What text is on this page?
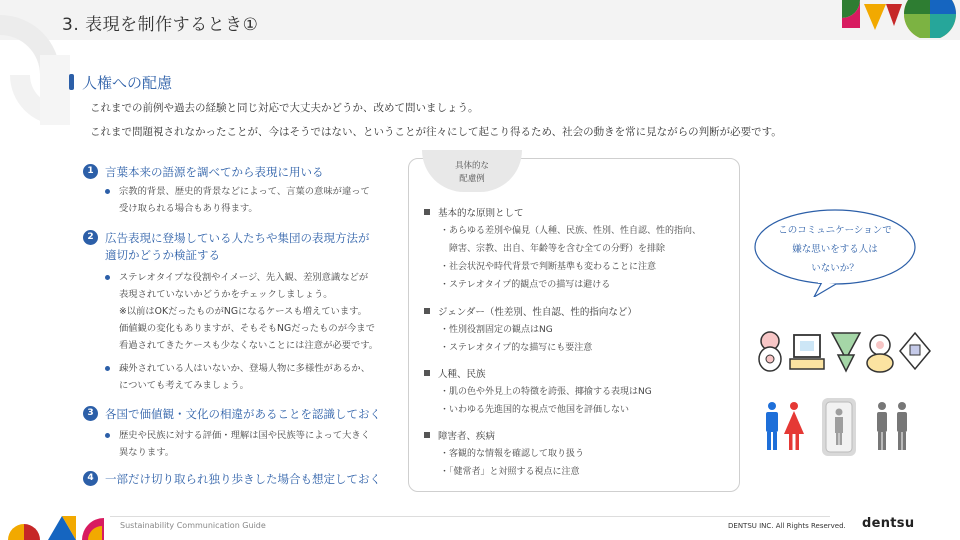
3. 表現を制作するとき①
人権への配慮
これまでの前例や過去の経験と同じ対応で大丈夫かどうか、改めて問いましょう。
これまで問題視されなかったことが、今はそうではない、ということが往々にして起こり得るため、社会の動きを常に見ながらの判断が必要です。
1 言葉本来の語源を調べてから表現に用いる
宗教的背景、歴史的背景などによって、言葉の意味が違って
受け取られる場合もあり得ます。
2 広告表現に登場している人たちや集団の表現方法が
適切かどうか検証する
ステレオタイプな役割やイメージ、先入観、差別意識などが
表現されていないかどうかをチェックしましょう。
※以前はOKだったものがNGになるケースも増えています。
価値観の変化もありますが、そもそもNGだったものが今まで
看過されてきたケースも少なくないことには注意が必要です。
疎外されている人はいないか、登場人物に多様性があるか、
についても考えてみましょう。
3 各国で価値観・文化の相違があることを認識しておく
歴史や民族に対する評価・理解は国や民族等によって大きく
異なります。
4 一部だけ切り取られ独り歩きした場合も想定しておく
具体的な
配慮例
基本的な原則として
・あらゆる差別や偏見（人種、民族、性別、性自認、性的指向、
　障害、宗教、出自、年齢等を含む全ての分野）を排除
・社会状況や時代背景で判断基準も変わることに注意
・ステレオタイプ的観点での描写は避ける
ジェンダー（性差別、性自認、性的指向など）
・性別役割固定の観点はNG
・ステレオタイプ的な描写にも要注意
人種、民族
・肌の色や外見上の特徴を誇張、揶揄する表現はNG
・いわゆる先進国的な視点で他国を評価しない
障害者、疾病
・客観的な情報を確認して取り扱う
・「健常者」と対照する視点に注意
このコミュニケーションで
嫌な思いをする人は
いないか？
Sustainability Communication Guide	DENTSU INC. All Rights Reserved. dentsu
